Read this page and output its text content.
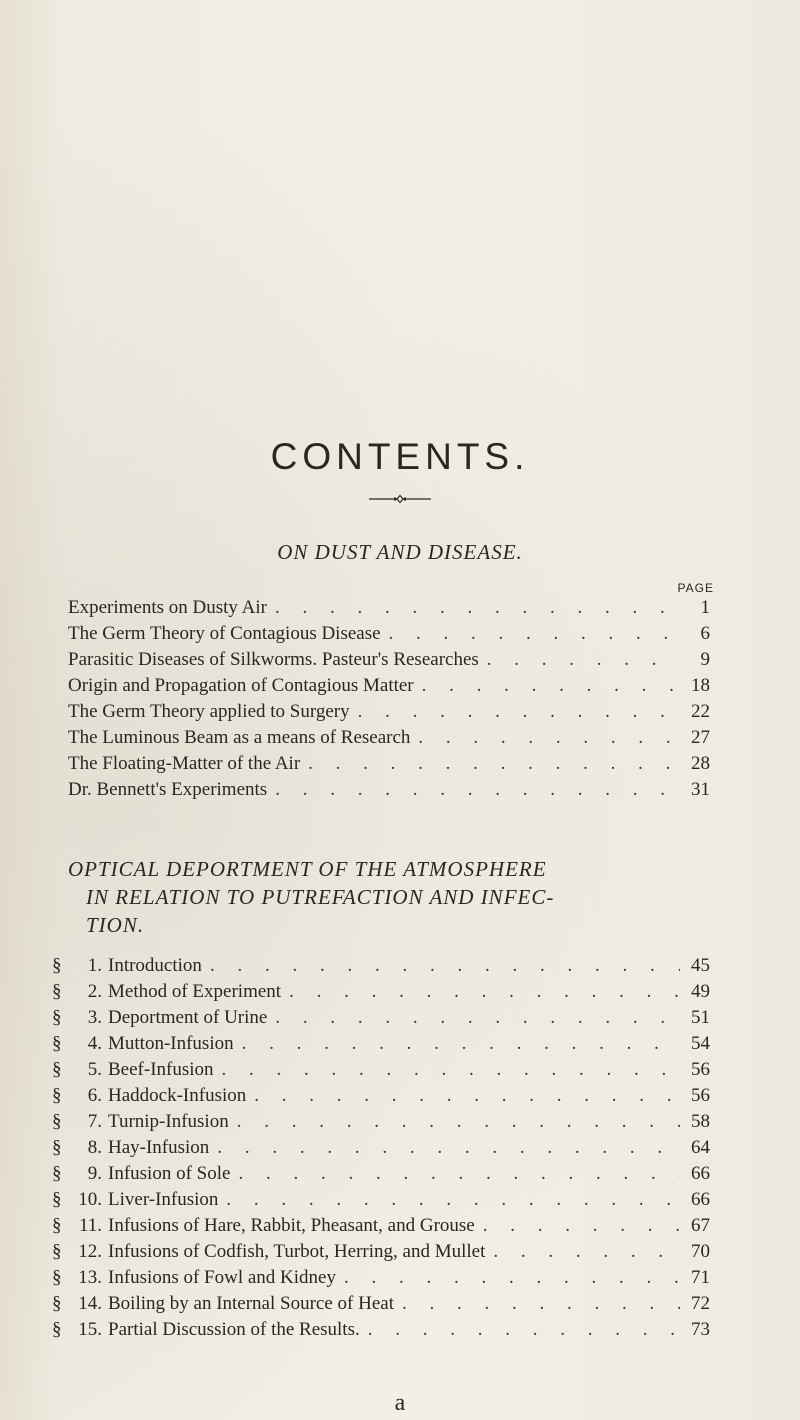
CONTENTS.
ON DUST AND DISEASE.
PAGE
Experiments on Dusty Air . . .	1
The Germ Theory of Contagious Disease . . .	6
Parasitic Diseases of Silkworms. Pasteur's Researches . . .	9
Origin and Propagation of Contagious Matter . . .	18
The Germ Theory applied to Surgery . . .	22
The Luminous Beam as a means of Research . . .	27
The Floating-Matter of the Air . . .	28
Dr. Bennett's Experiments . . .	31
OPTICAL DEPORTMENT OF THE ATMOSPHERE
IN RELATION TO PUTREFACTION AND INFEC-
TION.
§	1. Introduction . . .	45
§	2. Method of Experiment . . .	49
§	3. Deportment of Urine . . .	51
§	4. Mutton-Infusion . . .	54
§	5. Beef-Infusion . . .	56
§	6. Haddock-Infusion . . .	56
§	7. Turnip-Infusion . . .	58
§	8. Hay-Infusion . . .	64
§	9. Infusion of Sole . . .	66
§ 10. Liver-Infusion . . .	66
§ 11. Infusions of Hare, Rabbit, Pheasant, and Grouse . . .	67
§ 12. Infusions of Codfish, Turbot, Herring, and Mullet . . .	70
§ 13. Infusions of Fowl and Kidney . . .	71
§ 14. Boiling by an Internal Source of Heat . . .	72
§ 15. Partial Discussion of the Results. . . .	73
a
